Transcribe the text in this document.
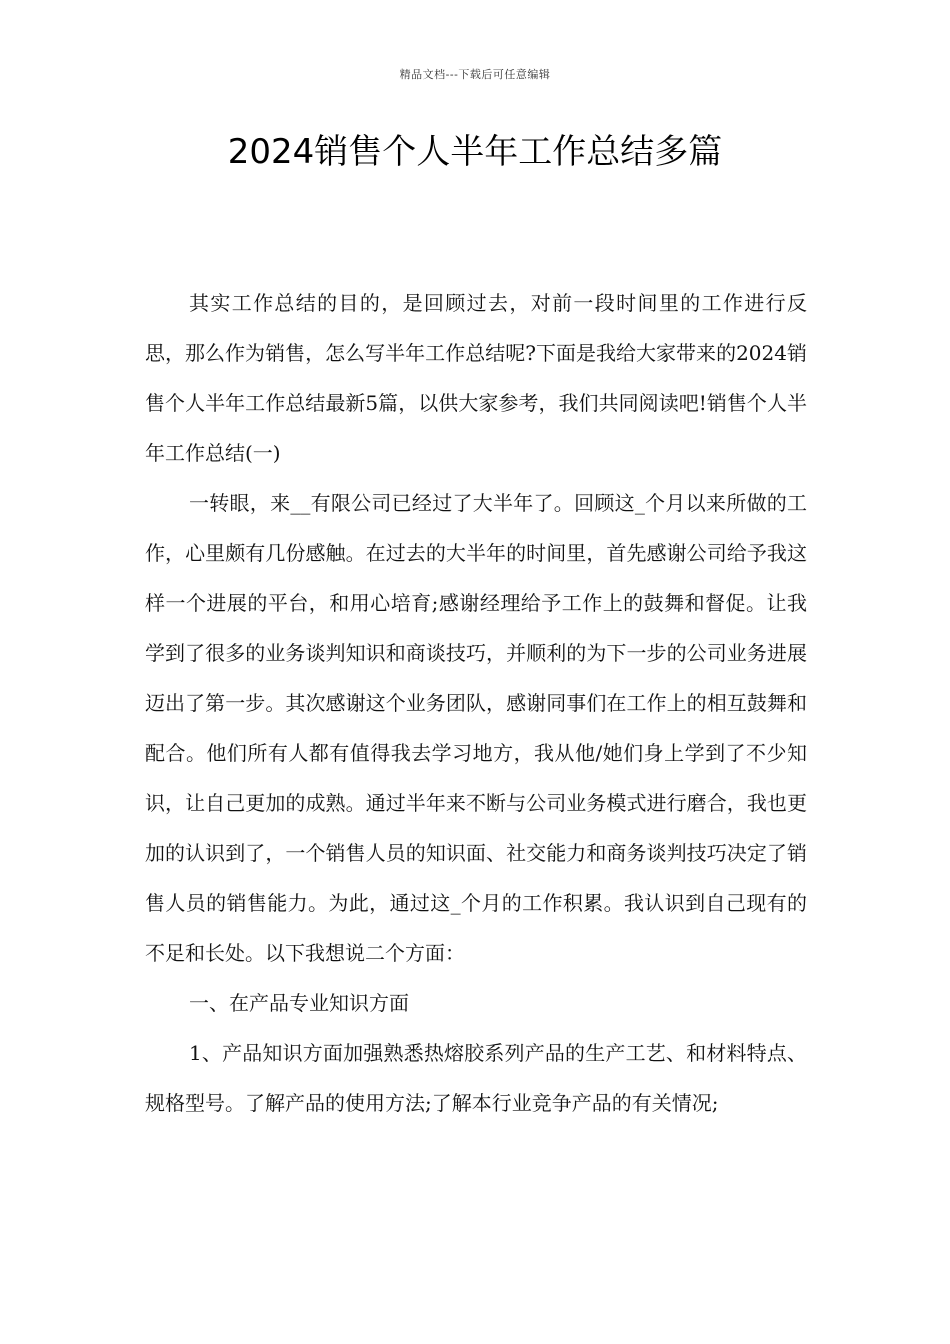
精品文档---下载后可任意编辑
2024销售个人半年工作总结多篇

其实工作总结的目的，是回顾过去，对前一段时间里的工作进行反思，那么作为销售，怎么写半年工作总结呢?下面是我给大家带来的2024销售个人半年工作总结最新5篇，以供大家参考，我们共同阅读吧!销售个人半年工作总结(一)

一转眼，来__有限公司已经过了大半年了。回顾这_个月以来所做的工作，心里颇有几份感触。在过去的大半年的时间里，首先感谢公司给予我这样一个进展的平台，和用心培育;感谢经理给予工作上的鼓舞和督促。让我学到了很多的业务谈判知识和商谈技巧，并顺利的为下一步的公司业务进展迈出了第一步。其次感谢这个业务团队，感谢同事们在工作上的相互鼓舞和配合。他们所有人都有值得我去学习地方，我从他/她们身上学到了不少知识，让自己更加的成熟。通过半年来不断与公司业务模式进行磨合，我也更加的认识到了，一个销售人员的知识面、社交能力和商务谈判技巧决定了销售人员的销售能力。为此，通过这_个月的工作积累。我认识到自己现有的不足和长处。以下我想说二个方面：

一、在产品专业知识方面

1、产品知识方面加强熟悉热熔胶系列产品的生产工艺、和材料特点、规格型号。了解产品的使用方法;了解本行业竞争产品的有关情况;
